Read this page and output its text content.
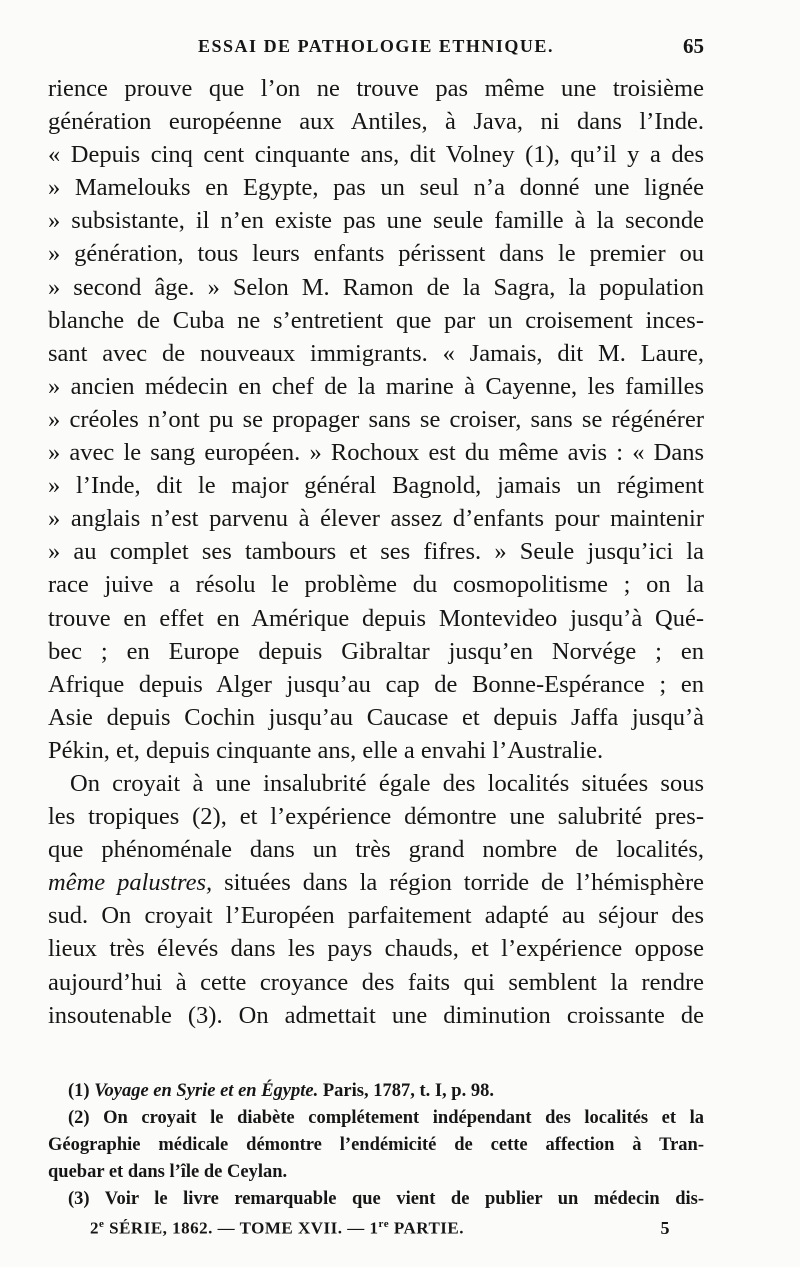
ESSAI DE PATHOLOGIE ETHNIQUE.	65
rience prouve que l’on ne trouve pas même une troisième
génération européenne aux Antiles, à Java, ni dans l’Inde.
« Depuis cinq cent cinquante ans, dit Volney (1), qu’il y a des
» Mamelouks en Egypte, pas un seul n’a donné une lignée
» subsistante, il n’en existe pas une seule famille à la seconde
» génération, tous leurs enfants périssent dans le premier ou
» second âge. » Selon M. Ramon de la Sagra, la population
blanche de Cuba ne s’entretient que par un croisement inces-
sant avec de nouveaux immigrants. « Jamais, dit M. Laure,
» ancien médecin en chef de la marine à Cayenne, les familles
» créoles n’ont pu se propager sans se croiser, sans se régénérer
» avec le sang européen. » Rochoux est du même avis : « Dans
» l’Inde, dit le major général Bagnold, jamais un régiment
» anglais n’est parvenu à élever assez d’enfants pour maintenir
» au complet ses tambours et ses fifres. » Seule jusqu’ici la
race juive a résolu le problème du cosmopolitisme ; on la
trouve en effet en Amérique depuis Montevideo jusqu’à Qué-
bec ; en Europe depuis Gibraltar jusqu’en Norvége ; en
Afrique depuis Alger jusqu’au cap de Bonne-Espérance ; en
Asie depuis Cochin jusqu’au Caucase et depuis Jaffa jusqu’à
Pékin, et, depuis cinquante ans, elle a envahi l’Australie.
On croyait à une insalubrité égale des localités situées sous
les tropiques (2), et l’expérience démontre une salubrité pres-
que phénoménale dans un très grand nombre de localités,
même palustres, situées dans la région torride de l’hémisphère
sud. On croyait l’Européen parfaitement adapté au séjour des
lieux très élevés dans les pays chauds, et l’expérience oppose
aujourd’hui à cette croyance des faits qui semblent la rendre
insoutenable (3). On admettait une diminution croissante de
(1) Voyage en Syrie et en Égypte. Paris, 1787, t. I, p. 98.
(2) On croyait le diabète complétement indépendant des localités et la
Géographie médicale démontre l’endémicité de cette affection à Tran-
quebar et dans l’île de Ceylan.
(3) Voir le livre remarquable que vient de publier un médecin dis-
2e SÉRIE, 1862. — TOME XVII. — 1re PARTIE.	5
